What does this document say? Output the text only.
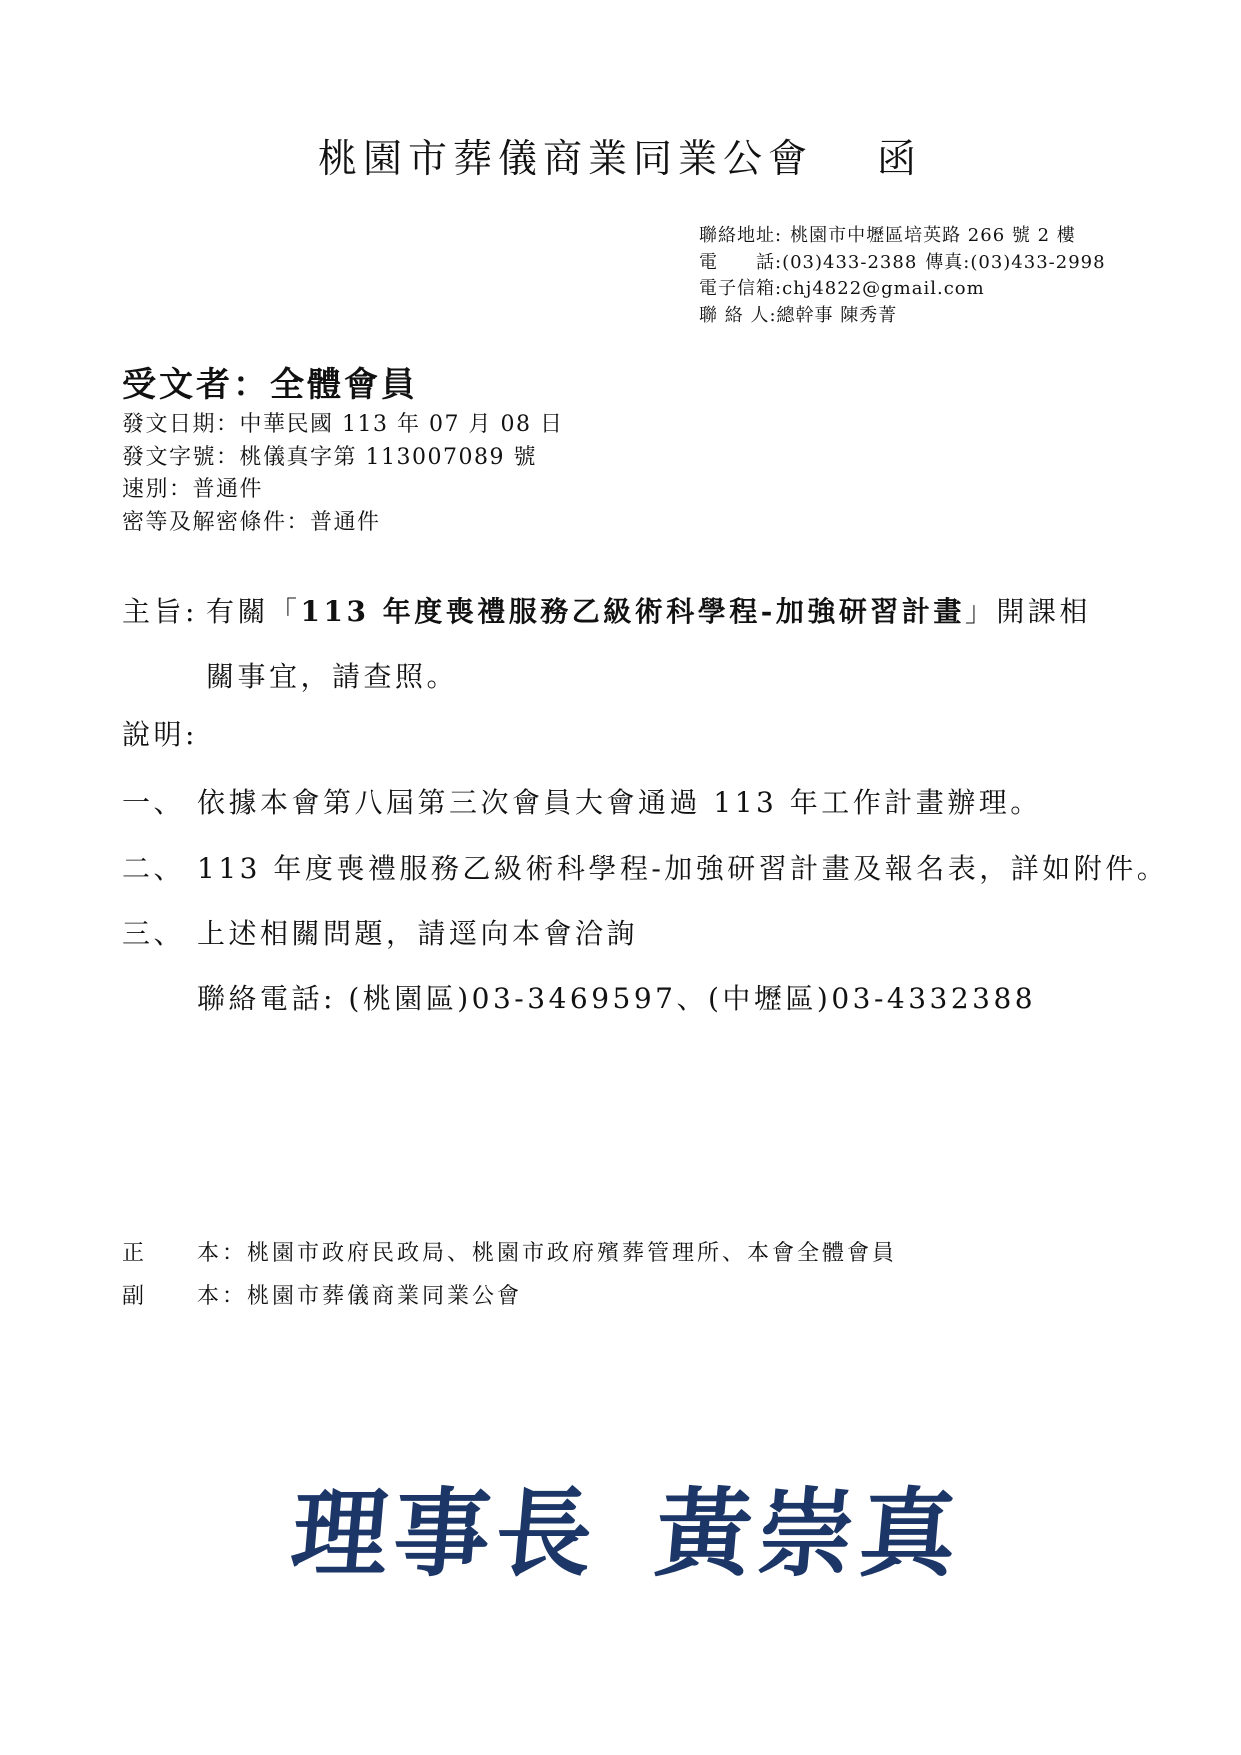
桃園市葬儀商業同業公會 函
聯絡地址: 桃園市中壢區培英路 266 號 2 樓
電　　話:(03)433-2388 傳真:(03)433-2998
電子信箱:chj4822@gmail.com
聯 絡 人:總幹事 陳秀菁
受文者：全體會員
發文日期：中華民國 113 年 07 月 08 日
發文字號：桃儀真字第 113007089 號
速別：普通件
密等及解密條件：普通件
主旨: 有關「113 年度喪禮服務乙級術科學程-加強研習計畫」開課相
關事宜，請查照。
說明:
一、 依據本會第八屆第三次會員大會通過 113 年工作計畫辦理。
二、 113 年度喪禮服務乙級術科學程-加強研習計畫及報名表，詳如附件。
三、 上述相關問題，請逕向本會洽詢
聯絡電話: (桃園區)03-3469597、(中壢區)03-4332388
正　　本：桃園市政府民政局、桃園市政府殯葬管理所、本會全體會員
副　　本：桃園市葬儀商業同業公會
理事長 黃崇真
